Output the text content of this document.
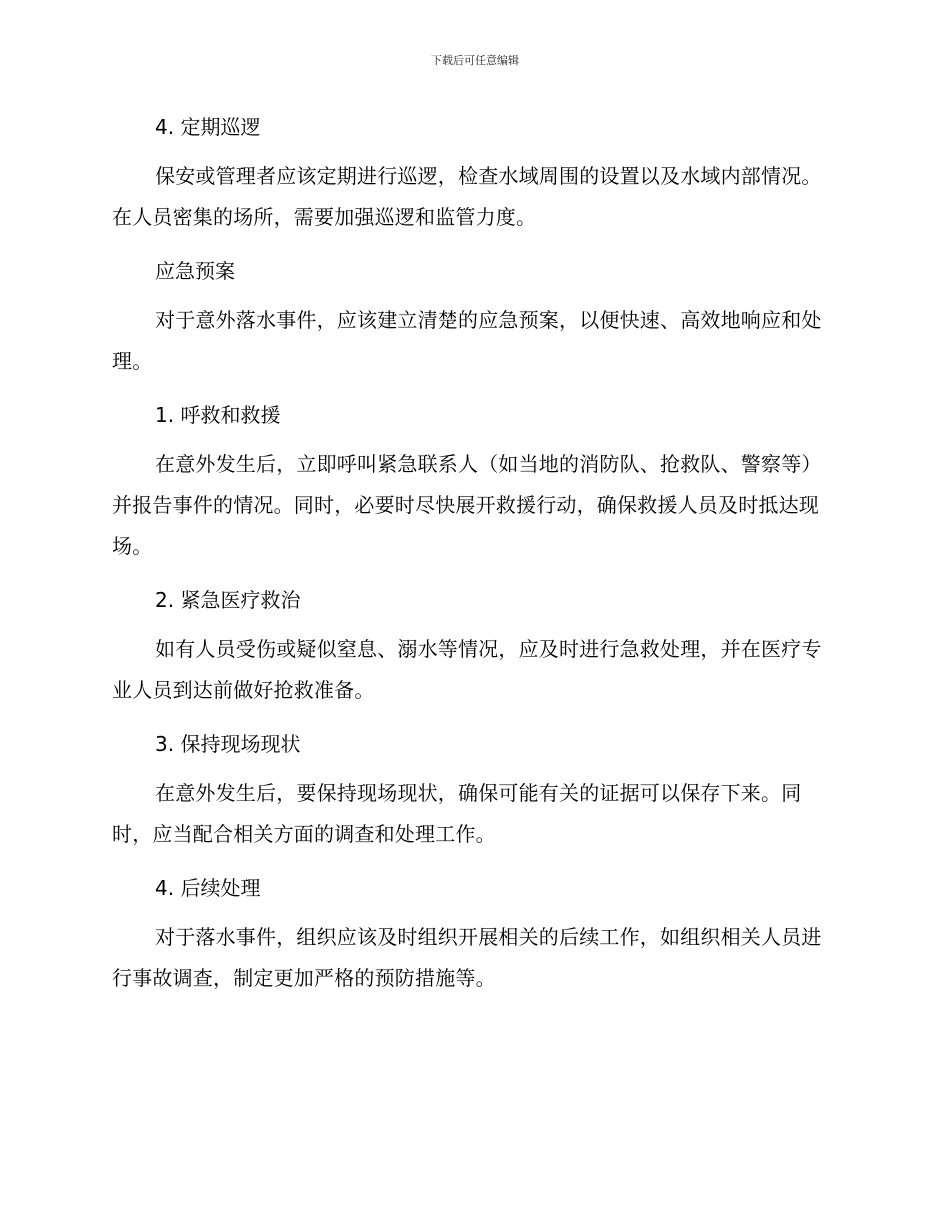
下载后可任意编辑
4. 定期巡逻
保安或管理者应该定期进行巡逻，检查水域周围的设置以及水域内部情况。在人员密集的场所，需要加强巡逻和监管力度。
应急预案
对于意外落水事件，应该建立清楚的应急预案，以便快速、高效地响应和处理。
1. 呼救和救援
在意外发生后，立即呼叫紧急联系人（如当地的消防队、抢救队、警察等）并报告事件的情况。同时，必要时尽快展开救援行动，确保救援人员及时抵达现场。
2. 紧急医疗救治
如有人员受伤或疑似窒息、溺水等情况，应及时进行急救处理，并在医疗专业人员到达前做好抢救准备。
3. 保持现场现状
在意外发生后，要保持现场现状，确保可能有关的证据可以保存下来。同时，应当配合相关方面的调查和处理工作。
4. 后续处理
对于落水事件，组织应该及时组织开展相关的后续工作，如组织相关人员进行事故调查，制定更加严格的预防措施等。
